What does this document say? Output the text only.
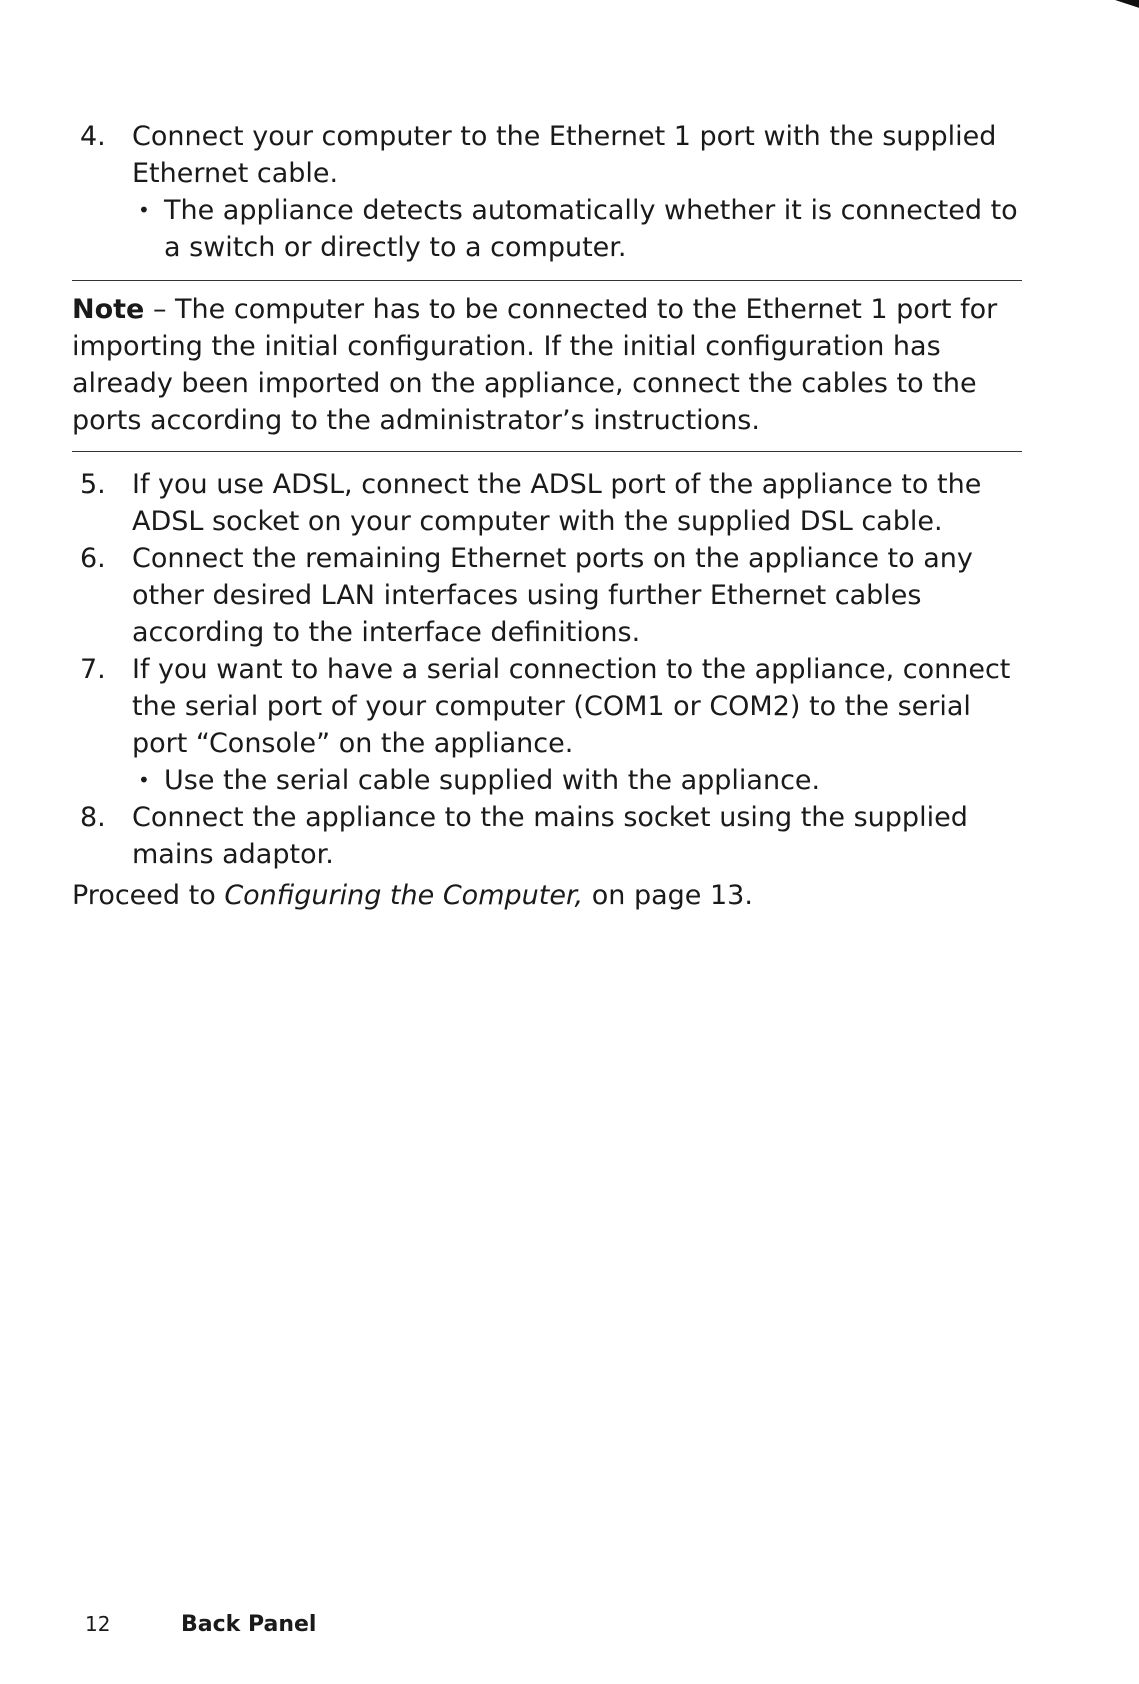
4. Connect your computer to the Ethernet 1 port with the supplied Ethernet cable.
• The appliance detects automatically whether it is connected to a switch or directly to a computer.
Note – The computer has to be connected to the Ethernet 1 port for importing the initial configuration. If the initial configuration has already been imported on the appliance, connect the cables to the ports according to the administrator’s instructions.
5. If you use ADSL, connect the ADSL port of the appliance to the ADSL socket on your computer with the supplied DSL cable.
6. Connect the remaining Ethernet ports on the appliance to any other desired LAN interfaces using further Ethernet cables according to the interface definitions.
7. If you want to have a serial connection to the appliance, connect the serial port of your computer (COM1 or COM2) to the serial port “Console” on the appliance.
• Use the serial cable supplied with the appliance.
8. Connect the appliance to the mains socket using the supplied mains adaptor.
Proceed to Configuring the Computer, on page 13.
12	Back Panel
